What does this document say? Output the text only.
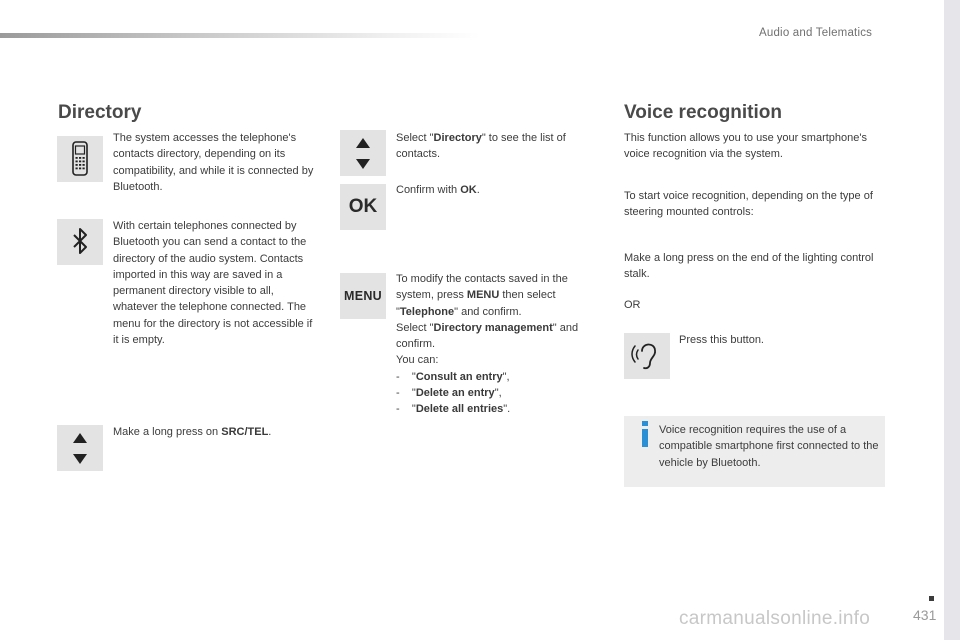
Audio and Telematics
Directory

The system accesses the telephone's contacts directory, depending on its compatibility, and while it is connected by Bluetooth.

With certain telephones connected by Bluetooth you can send a contact to the directory of the audio system. Contacts imported in this way are saved in a permanent directory visible to all, whatever the telephone connected. The menu for the directory is not accessible if it is empty.

Make a long press on SRC/TEL.

Select "Directory" to see the list of contacts.

OK

Confirm with OK.

MENU
To modify the contacts saved in the system, press MENU then select "Telephone" and confirm.
Select "Directory management" and confirm.
You can:
- "Consult an entry",
- "Delete an entry",
- "Delete all entries".
Voice recognition

This function allows you to use your smartphone's voice recognition via the system.

To start voice recognition, depending on the type of steering mounted controls:

Make a long press on the end of the lighting control stalk.

OR

Press this button.

Voice recognition requires the use of a compatible smartphone first connected to the vehicle by Bluetooth.

431
carmanualsonline.info
